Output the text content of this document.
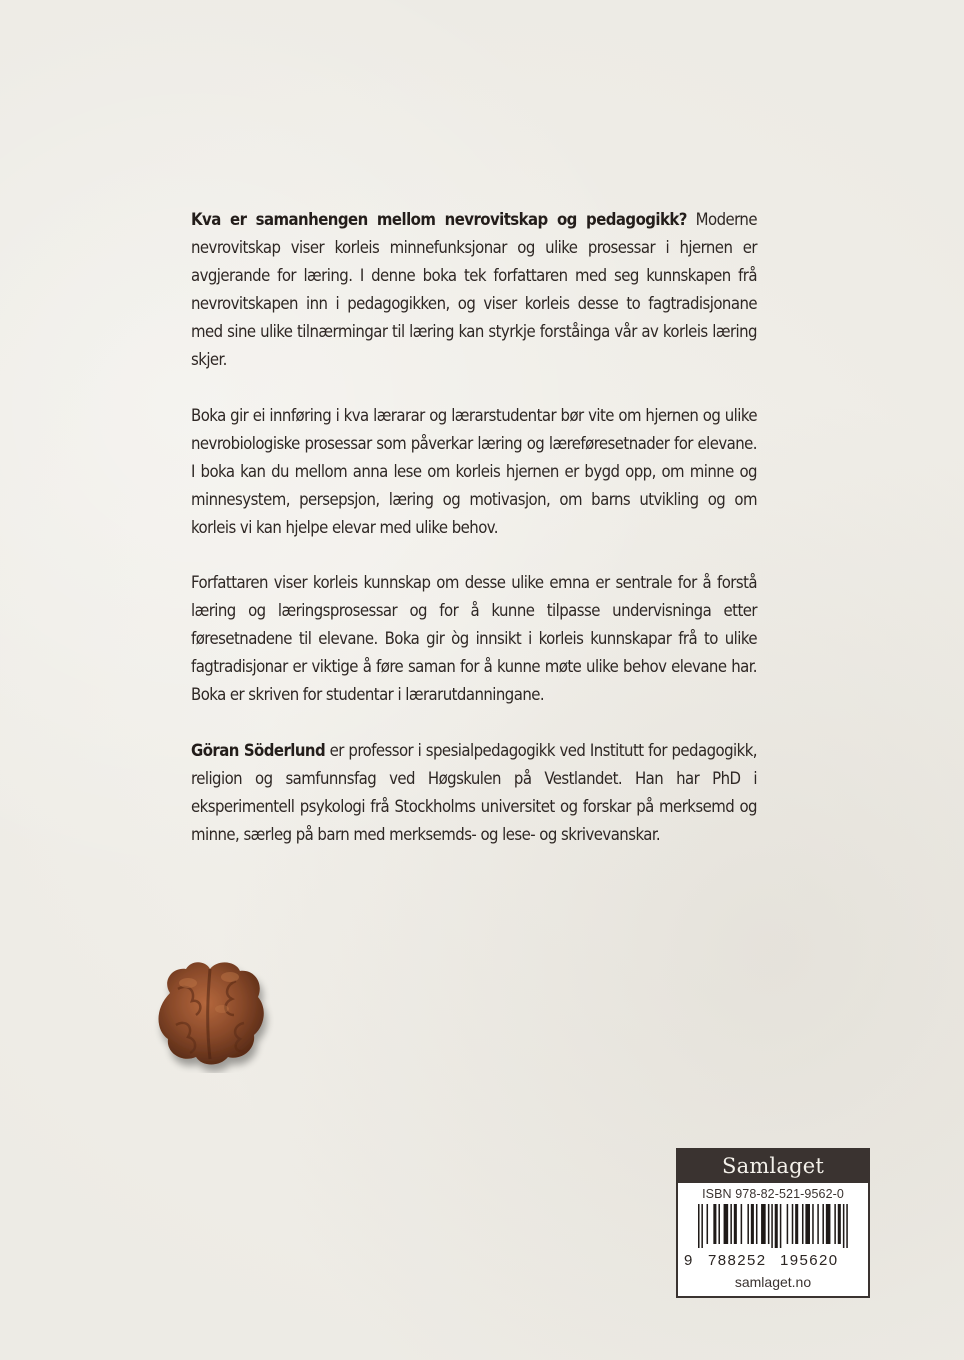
Kva er samanhengen mellom nevrovitskap og pedagogikk? Moderne nevrovitskap viser korleis minnefunksjonar og ulike prosessar i hjernen er avgjerande for læring. I denne boka tek forfattaren med seg kunnskapen frå nevrovitskapen inn i pedagogikken, og viser korleis desse to fagtradisjonane med sine ulike tilnærmingar til læring kan styrkje forståinga vår av korleis læring skjer.

Boka gir ei innføring i kva lærarar og lærarstudentar bør vite om hjernen og ulike nevrobiologiske prosessar som påverkar læring og læreføresetnader for elevane. I boka kan du mellom anna lese om korleis hjernen er bygd opp, om minne og minnesystem, persepsjon, læring og motivasjon, om barns utvikling og om korleis vi kan hjelpe elevar med ulike behov.

Forfattaren viser korleis kunnskap om desse ulike emna er sentrale for å forstå læring og læringsprosessar og for å kunne tilpasse undervisninga etter føresetnadene til elevane. Boka gir òg innsikt i korleis kunnskapar frå to ulike fagtradisjonar er viktige å føre saman for å kunne møte ulike behov elevane har. Boka er skriven for studentar i lærarutdanningane.

Göran Söderlund er professor i spesialpedagogikk ved Institutt for pedagogikk, religion og samfunnsfag ved Høgskulen på Vestlandet. Han har PhD i eksperimentell psykologi frå Stockholms universitet og forskar på merksemd og minne, særleg på barn med merksemds- og lese- og skrivevanskar.

Samlaget
ISBN 978-82-521-9562-0
9 788252 195620
samlaget.no
